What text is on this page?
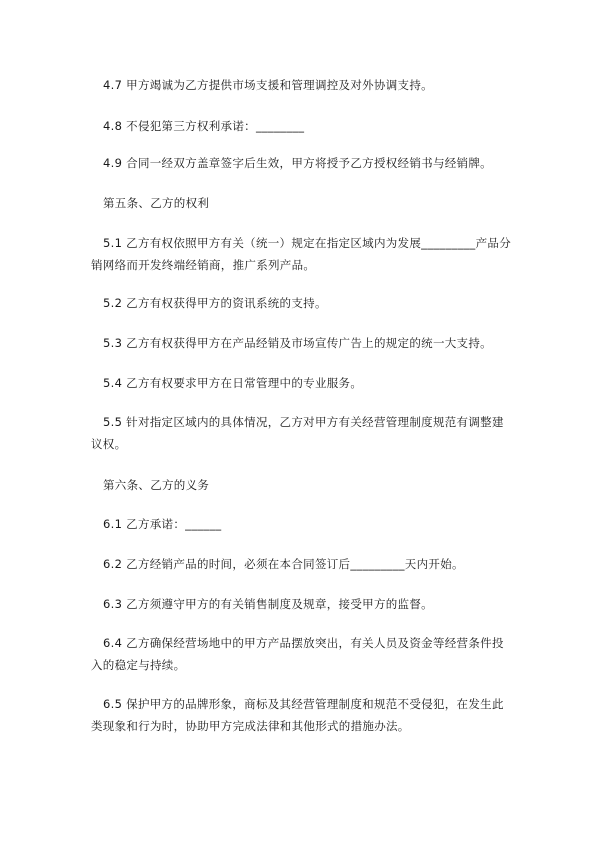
4.7 甲方竭诚为乙方提供市场支援和管理调控及对外协调支持。

4.8 不侵犯第三方权利承诺：________

4.9 合同一经双方盖章签字后生效，甲方将授予乙方授权经销书与经销牌。

第五条、乙方的权利

5.1 乙方有权依照甲方有关（统一）规定在指定区域内为发展_________产品分销网络而开发终端经销商，推广系列产品。

5.2 乙方有权获得甲方的资讯系统的支持。

5.3 乙方有权获得甲方在产品经销及市场宣传广告上的规定的统一大支持。

5.4 乙方有权要求甲方在日常管理中的专业服务。

5.5 针对指定区域内的具体情况，乙方对甲方有关经营管理制度规范有调整建议权。

第六条、乙方的义务

6.1 乙方承诺：______

6.2 乙方经销产品的时间，必须在本合同签订后_________天内开始。

6.3 乙方须遵守甲方的有关销售制度及规章，接受甲方的监督。

6.4 乙方确保经营场地中的甲方产品摆放突出，有关人员及资金等经营条件投入的稳定与持续。

6.5 保护甲方的品牌形象，商标及其经营管理制度和规范不受侵犯，在发生此类现象和行为时，协助甲方完成法律和其他形式的措施办法。
